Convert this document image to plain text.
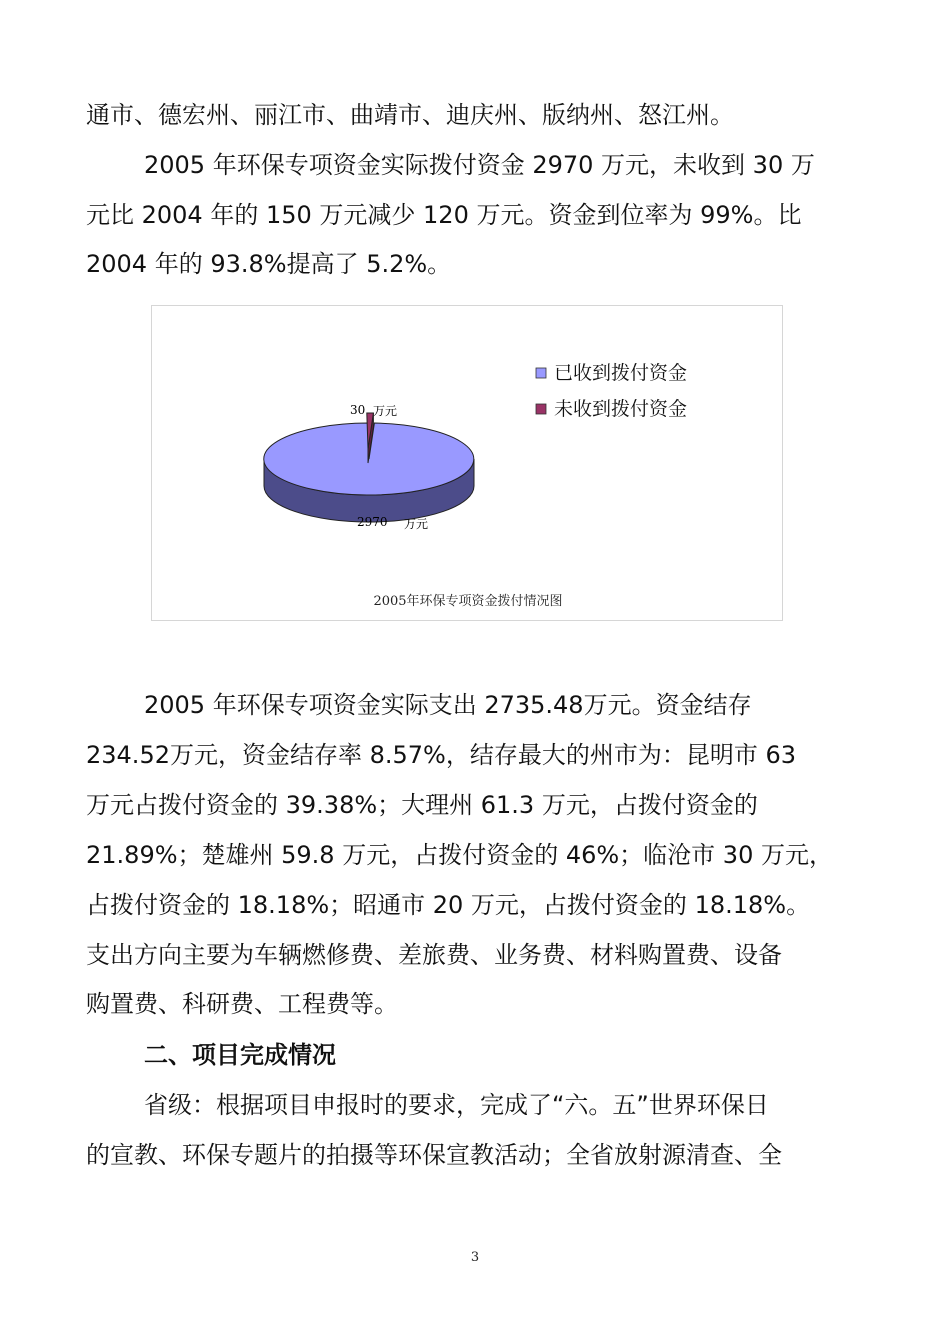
通市、德宏州、丽江市、曲靖市、迪庆州、版纳州、怒江州。
2005 年环保专项资金实际拨付资金 2970 万元，未收到 30 万
元比 2004 年的 150 万元减少 120 万元。资金到位率为 99%。比
2004 年的 93.8%提高了 5.2%。
30 万元
2970 万元
已收到拨付资金
未收到拨付资金
2005年环保专项资金拨付情况图
2005 年环保专项资金实际支出 2735.48万元。资金结存
234.52万元，资金结存率 8.57%，结存最大的州市为：昆明市 63
万元占拨付资金的 39.38%；大理州 61.3 万元，占拨付资金的
21.89%；楚雄州 59.8 万元，占拨付资金的 46%；临沧市 30 万元，
占拨付资金的 18.18%；昭通市 20 万元，占拨付资金的 18.18%。
支出方向主要为车辆燃修费、差旅费、业务费、材料购置费、设备
购置费、科研费、工程费等。
二、项目完成情况
省级：根据项目申报时的要求，完成了“六。五”世界环保日
的宣教、环保专题片的拍摄等环保宣教活动；全省放射源清查、全
3
